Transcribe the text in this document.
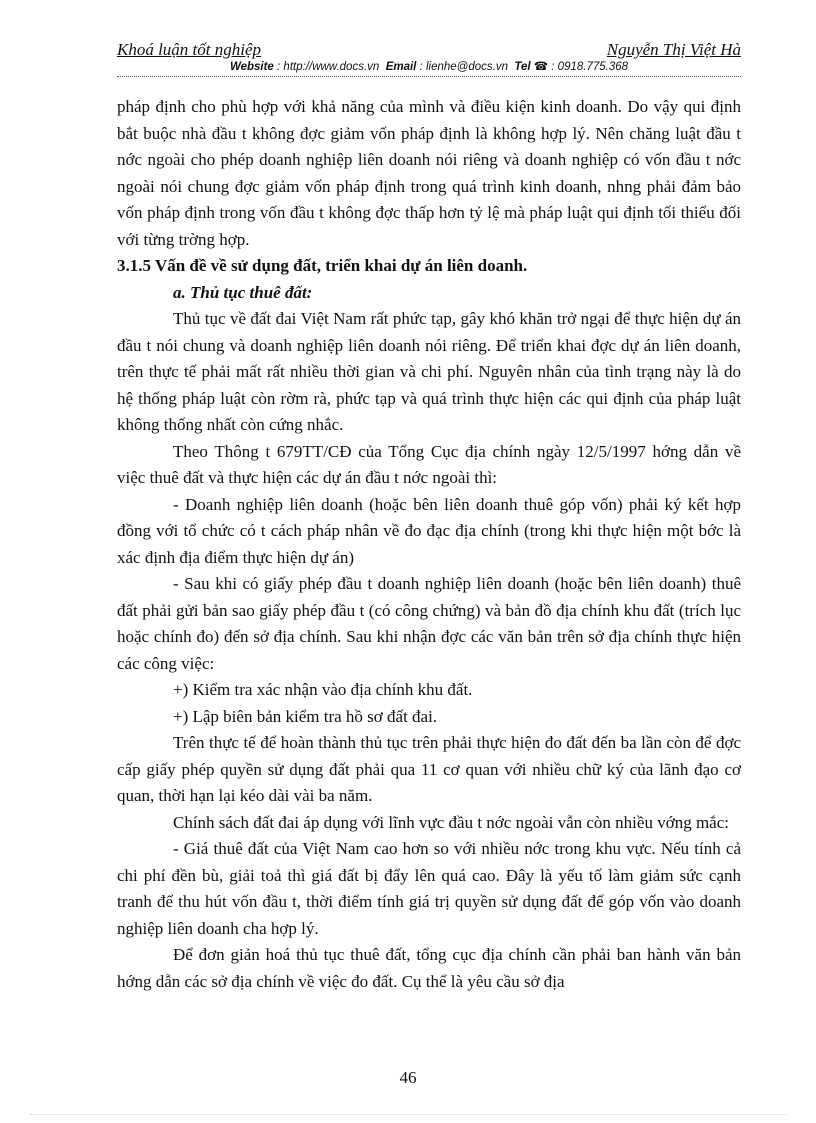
Khoá luận tốt nghiệp	Nguyễn Thị Việt Hà
Website : http://www.docs.vn Email : lienhe@docs.vn Tel ☎ : 0918.775.368

pháp định cho phù hợp với khả năng của mình và điều kiện kinh doanh. Do vậy qui định bắt buộc nhà đầu t không đợc giảm vốn pháp định là không hợp lý. Nên chăng luật đầu t nớc ngoài cho phép doanh nghiệp liên doanh nói riêng và doanh nghiệp có vốn đầu t nớc ngoài nói chung đợc giảm vốn pháp định trong quá trình kinh doanh, nhng phải đảm bảo vốn pháp định trong vốn đầu t không đợc thấp hơn tỷ lệ mà pháp luật qui định tối thiểu đối với từng trờng hợp.

3.1.5 Vấn đề về sử dụng đất, triển khai dự án liên doanh.

a. Thủ tục thuê đất:

Thủ tục về đất đai Việt Nam rất phức tạp, gây khó khăn trở ngại để thực hiện dự án đầu t nói chung và doanh nghiệp liên doanh nói riêng. Để triển khai đợc dự án liên doanh, trên thực tế phải mất rất nhiều thời gian và chi phí. Nguyên nhân của tình trạng này là do hệ thống pháp luật còn rờm rà, phức tạp và quá trình thực hiện các qui định của pháp luật không thống nhất còn cứng nhắc.

Theo Thông t 679TT/CĐ của Tổng Cục địa chính ngày 12/5/1997 hớng dẫn về việc thuê đất và thực hiện các dự án đầu t nớc ngoài thì:

- Doanh nghiệp liên doanh (hoặc bên liên doanh thuê góp vốn) phải ký kết hợp đồng với tổ chức có t cách pháp nhân về đo đạc địa chính (trong khi thực hiện một bớc là xác định địa điểm thực hiện dự án)

- Sau khi có giấy phép đầu t doanh nghiệp liên doanh (hoặc bên liên doanh) thuê đất phải gửi bản sao giấy phép đầu t (có công chứng) và bản đồ địa chính khu đất (trích lục hoặc chính đo) đến sở địa chính. Sau khi nhận đợc các văn bản trên sở địa chính thực hiện các công việc:

+) Kiểm tra xác nhận vào địa chính khu đất.

+) Lập biên bản kiểm tra hồ sơ đất đai.

Trên thực tế để hoàn thành thủ tục trên phải thực hiện đo đất đến ba lần còn để đợc cấp giấy phép quyền sử dụng đất phải qua 11 cơ quan với nhiều chữ ký của lãnh đạo cơ quan, thời hạn lại kéo dài vài ba năm.

Chính sách đất đai áp dụng với lĩnh vực đầu t nớc ngoài vẫn còn nhiều vớng mắc:

- Giá thuê đất của Việt Nam cao hơn so với nhiều nớc trong khu vực. Nếu tính cả chi phí đền bù, giải toả thì giá đất bị đẩy lên quá cao. Đây là yếu tố làm giảm sức cạnh tranh để thu hút vốn đầu t, thời điểm tính giá trị quyền sử dụng đất để góp vốn vào doanh nghiệp liên doanh cha hợp lý.

Để đơn giản hoá thủ tục thuê đất, tổng cục địa chính cần phải ban hành văn bản hớng dẫn các sở địa chính về việc đo đất. Cụ thể là yêu cầu sở địa

46
